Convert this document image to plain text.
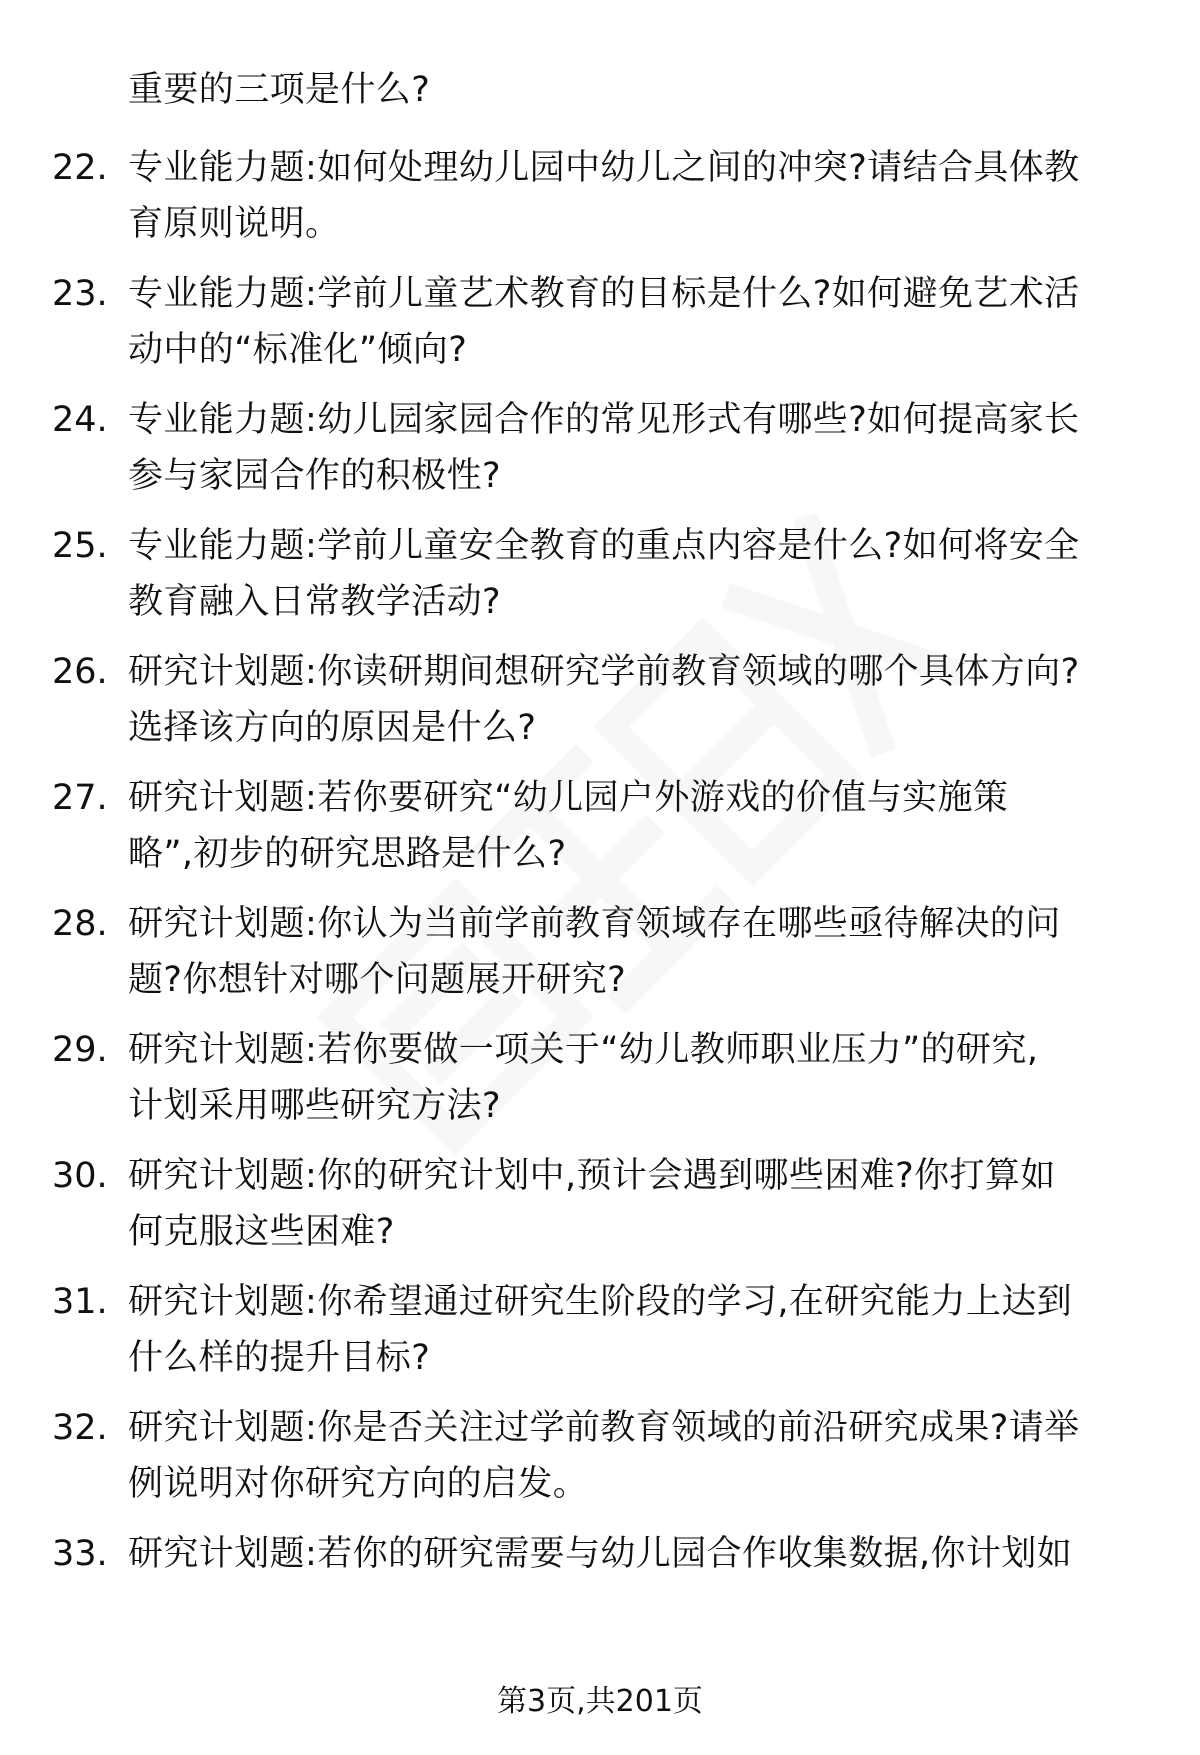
重要的三项是什么?
22. 专业能力题:如何处理幼儿园中幼儿之间的冲突?请结合具体教
育原则说明。
23. 专业能力题:学前儿童艺术教育的目标是什么?如何避免艺术活
动中的“标准化”倾向?
24. 专业能力题:幼儿园家园合作的常见形式有哪些?如何提高家长
参与家园合作的积极性?
25. 专业能力题:学前儿童安全教育的重点内容是什么?如何将安全
教育融入日常教学活动?
26. 研究计划题:你读研期间想研究学前教育领域的哪个具体方向?
选择该方向的原因是什么?
27. 研究计划题:若你要研究“幼儿园户外游戏的价值与实施策
略”,初步的研究思路是什么?
28. 研究计划题:你认为当前学前教育领域存在哪些亟待解决的问
题?你想针对哪个问题展开研究?
29. 研究计划题:若你要做一项关于“幼儿教师职业压力”的研究,
计划采用哪些研究方法?
30. 研究计划题:你的研究计划中,预计会遇到哪些困难?你打算如
何克服这些困难?
31. 研究计划题:你希望通过研究生阶段的学习,在研究能力上达到
什么样的提升目标?
32. 研究计划题:你是否关注过学前教育领域的前沿研究成果?请举
例说明对你研究方向的启发。
33. 研究计划题:若你的研究需要与幼儿园合作收集数据,你计划如
第3页,共201页
